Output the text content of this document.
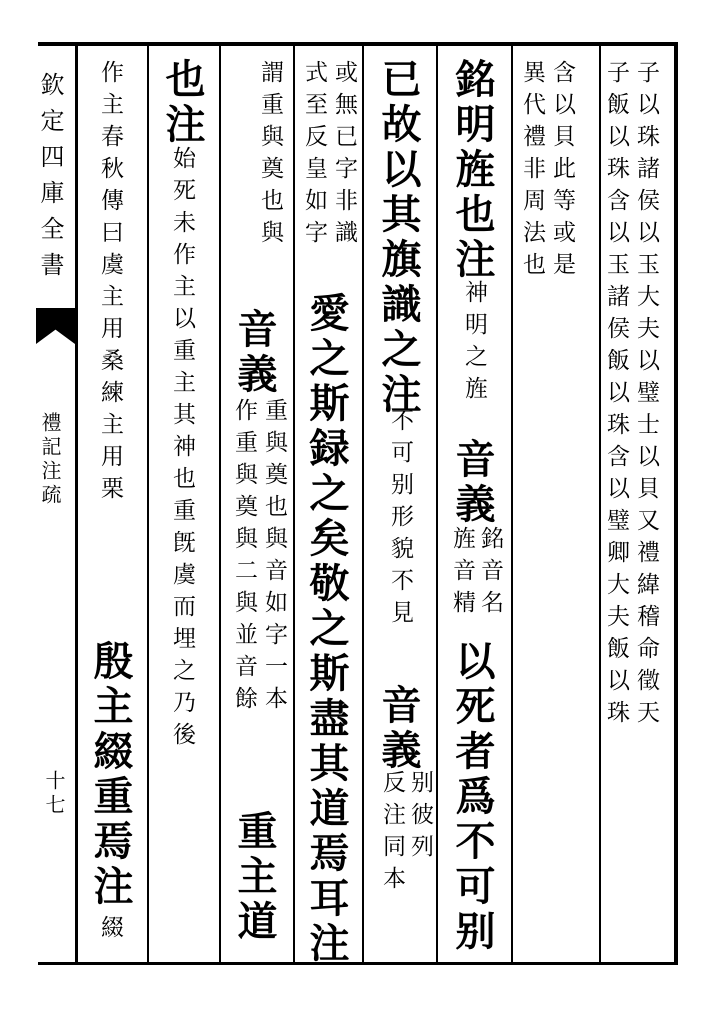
欽定四庫全書
禮記注疏
十七
子以珠諸侯以玉大夫以璧士以貝又禮緯稽命徵天
子飯以珠含以玉諸侯飯以珠含以璧卿大夫飯以珠
含以貝此等或是
異代禮非周法也
銘明旌也注
神明之旌
音義
銘音名
旌音精
以死者爲不可别
已故以其旗識之注
不可别形貌不見
音義
别彼列
反注同本
或無已字非識
式至反皇如字
愛之斯録之矣敬之斯盡其道焉耳注
謂重與奠也與
音義
重與奠也與音如字一本
作重與奠與二與並音餘
重主道
也注
始死未作主以重主其神也重旣虞而埋之乃後
作主春秋傳曰虞主用桑練主用栗
殷主綴重焉注
綴
